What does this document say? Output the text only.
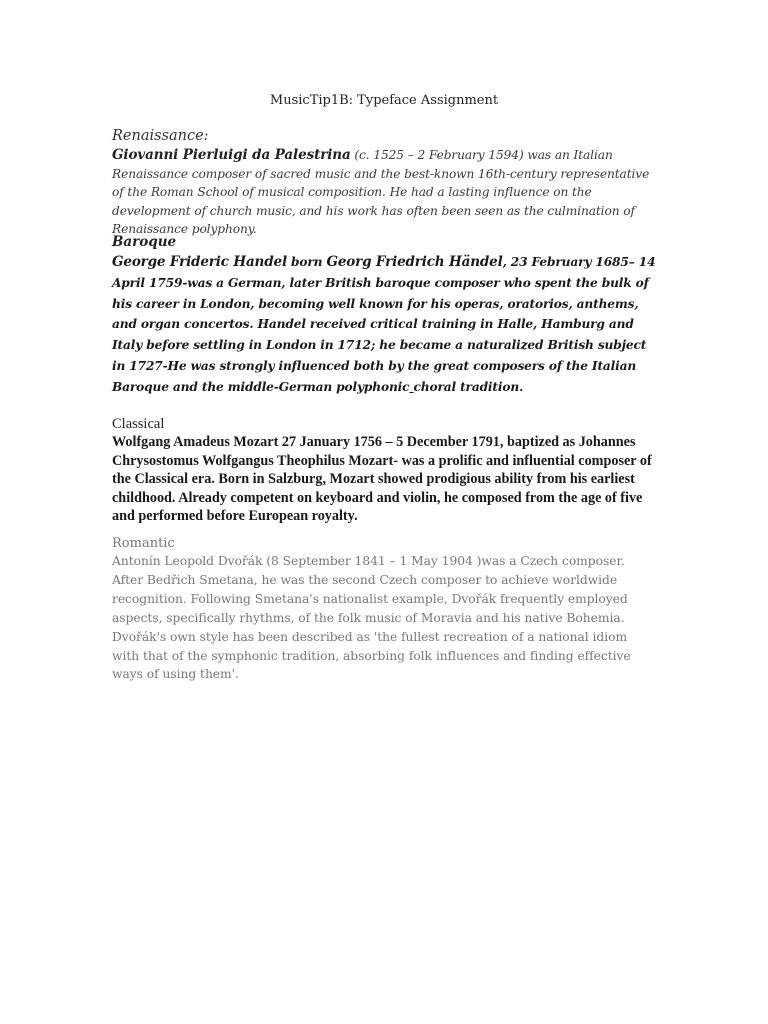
MusicTip1B: Typeface Assignment

Renaissance:

Giovanni Pierluigi da Palestrina (c. 1525 – 2 February 1594) was an Italian Renaissance composer of sacred music and the best-known 16th-century representative of the Roman School of musical composition. He had a lasting influence on the development of church music, and his work has often been seen as the culmination of Renaissance polyphony.

Baroque

George Frideric Handel born Georg Friedrich Händel, 23 February 1685– 14 April 1759-was a German, later British baroque composer who spent the bulk of his career in London, becoming well known for his operas, oratorios, anthems, and organ concertos. Handel received critical training in Halle, Hamburg and Italy before settling in London in 1712; he became a naturalized British subject in 1727-He was strongly influenced both by the great composers of the Italian Baroque and the middle-German polyphonic choral tradition.

Classical

Wolfgang Amadeus Mozart 27 January 1756 – 5 December 1791, baptized as Johannes Chrysostomus Wolfgangus Theophilus Mozart- was a prolific and influential composer of the Classical era. Born in Salzburg, Mozart showed prodigious ability from his earliest childhood. Already competent on keyboard and violin, he composed from the age of five and performed before European royalty.

Romantic

Antonín Leopold Dvořák (8 September 1841 – 1 May 1904 )was a Czech composer. After Bedřich Smetana, he was the second Czech composer to achieve worldwide recognition. Following Smetana's nationalist example, Dvořák frequently employed aspects, specifically rhythms, of the folk music of Moravia and his native Bohemia. Dvořák's own style has been described as 'the fullest recreation of a national idiom with that of the symphonic tradition, absorbing folk influences and finding effective ways of using them'.
